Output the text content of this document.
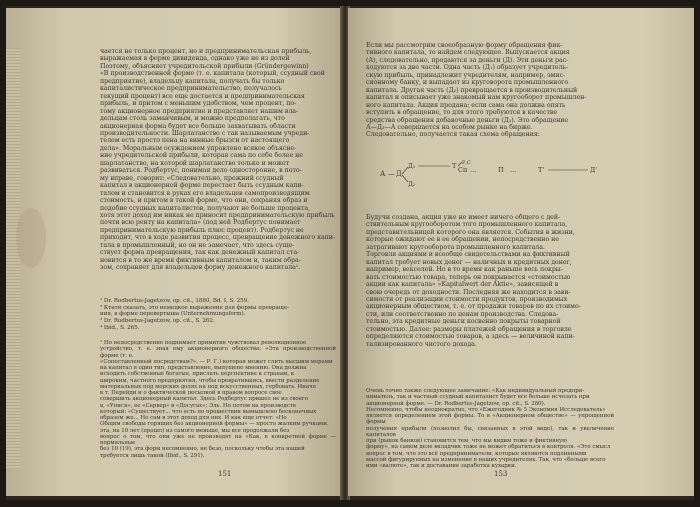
чается не только процент, но и предпринимательская прибыль,
выражаемая в форме дивиденда, однако уже не из долей
Поэтому, объясняет учредительской прибыли (Gründergewinn)
«В производственной форме (т. е. капитала (который, ссудный свой
предприятие), владельцу капитала, получать бы только
капиталистическое предпринимательство, получалось
текущий процент) все еще достается и предпринимательская
прибыль, и притом с меньшим удобством, чем процент, по-
тому акционерное предприятие и представляет нашим вла-
дельцам столь заманчивым, и можно предполагать, что
акционерная форма будет все больше захватывать области
производительности. Шарлатанство с так называемым учреди-
телем есть просто пена на винные брызги от настоящего
дела». Моральным осуждением управлено всякое объясне-
ние учредительской прибыли, которая сама по себе более не
шарлатанство, на которой шарлатанство только и может
развиваться. Родбертус, понимая дело односторонне, в пото-
му вправе, говорит: «Следовательно, прежний ссудный
капитал в акционерной форме перестает быть ссудным капи-
талом и становится в руках его владельцев самопроизводящим
стоимость, и притом в такой форме, что они, сохраняя образ и
подобие ссудных капиталистов, получают не больше процента,
хотя этот доход им никак не приносит предпринимательскую прибыль
почти всю ренту на капитала» (под ней Родбертус понимает
предпринимательскую прибыль плюс процент). Родбертус не
приходит, что в ходе развития процесс, превращение денежного капи-
тала в промышленный, но он не замечает, что здесь суще-
ствует форма превращения, так как денежный капитал ста-
новится в то же время фиктивным капиталом и, таким обра-
зом, сохраняет для владельцев форму денежного капитала¹.
¹ Dr. Rodbertus-Jagetzow, op. cit., 1880, Bd. I, S. 259.
² Ктати сказать, это немецкое выражение для формы превраще-
ния, в форме перевертыша (Unternehmungsform).
³ Dr. Rodbertus-Jagetzow, op. cit., S. 262.
⁴ Ibid., S. 265.
¹ Но непосредственно поднимает примитив чувствовал революционное
устройство, т. е. зная ему акционерного общества: «Эта производственной форме (т. е.
«Сопоставленный посредствам?». — Р. Г.) которая может слить высшим мерами
на капитал в один тип, представление, выпущено мнению. Она должна
исходить собственные богатые, прислать перспективе к странам, к
широким, частного предприятия, чтобы превратившись, ввести разделение
материальных под морских долях на под искусственных, гербовать. Иначе
в т. Перейди и о фактической посылкой в правом вопросе свое
совершить акционерный капитал. Здесь Родбертус пришел не из своего
в, «Упися», ее «Сервер» в «Досугах»; Эль. Но потом на производств
который: «Существует... что есть по прошествии вымышлено бесконечных
образом же... Но сам в этот доход для них. И как еще отчет: «Но
Общим свободы горящих без акционерной формы» — просто жалким ручками.
эта, на 10 лет (прошл) из самого меньше, мы все продолжали без
вопрос о том, что они уже не производят на «Как, в конкретной форме — нормальные
без 10 (19), эта форм несомненно, не безо, поскольку чтобы эта нашей
требуется лишь такой (Ibid., S. 291).
151
Если мы рассмотрим своеобразную форму обращения фик-
тивного капитала, то найдем следующее. Выпускается акция
(А), следовательно, продаются за деньги (Д). Эти деньги рас-
ходуются за две части. Одна часть (Д₁) образует учредитель-
скую прибыль, принадлежит учредителям, например, эмис-
сионному банку, и выпадает из круговорота промышленного
капитала. Другая часть (Д₂) превращается в производительный
капитал и описывает уже знакомый нам кругооборот промышлен-
ного капитала. Акция продана; если сама она должна опять
вступить в обращение, то для этого требуются в качестве
средства обращения добавочные деньги (Д₃). Это обращение
А—Д₃—А совершается на особом рынке на бирже.
Следовательно, получается такая схема обращения:
А — Д
Д₁
Д₂
Т Р.С
Сп ...	П ...	Т'	Д'
Будучи создана, акция уже не имеет ничего общего с дей-
ствительным кругооборотом того промышленного капитала,
представительницей которого она является. События в жизни,
которые ожидают ее в ее обращении, непосредственно не
затрагивают кругооборота промышленного капитала.
Торговля акциями и всеобще свидетельствами на фиктивный
капитал требует новых денег — наличных и кредитных денег,
например, векселей. Но в то время как раньше весь покры-
вать стоимостью товара, теперь он покрывается «стоимостью
акции как капитала» «Kapitalwert der Aktie», зависящей в
свою очередь от доходности. Последняя же находится в зави-
симости от реализации стоимости продуктов, производимых
акционерным обществом, т. е. от продажи товаров по их стоимо-
сти, или соответственно по ценам производства. Следова-
тельно, эта кредитные деньги косвенно покрыты товарной
стоимостью. Далее: размеры платежей обращения в торговле
определяются стоимостью товаров, а здесь — величиной капи-
тализированного чистого дохода.
Очень точно также следующее замечание: «Как индивидуальный предпри-
ниматель, так и частный ссудный капиталист будет все больше исчезать при
акционерной форме. — Dr. Rodbertus-Jagetzow, op. cit., S. 280).
Несомненно, чтобы неоднократно, что «Ежегодник № 5 Экономия Исследователь»
является определением этой формы. То в «Акционерном обществе» — упрощенной формы
получения прибыли (позволил бы, связанных в этой виде), так и увеличение капиталов
при (рынок банков) становится тем, что мы видим тоже и фиктивную
форму», на самом деле вкладчик тоже не может обратиться в контроля. «Это смысл
вопрос в том, что это всё предприниматели, которые являются подлинными
массой фигурируемых на изменение в наших учредителях. Так, что «больше всего
ими «валюте», так и доставание заработка кухарки.
153
